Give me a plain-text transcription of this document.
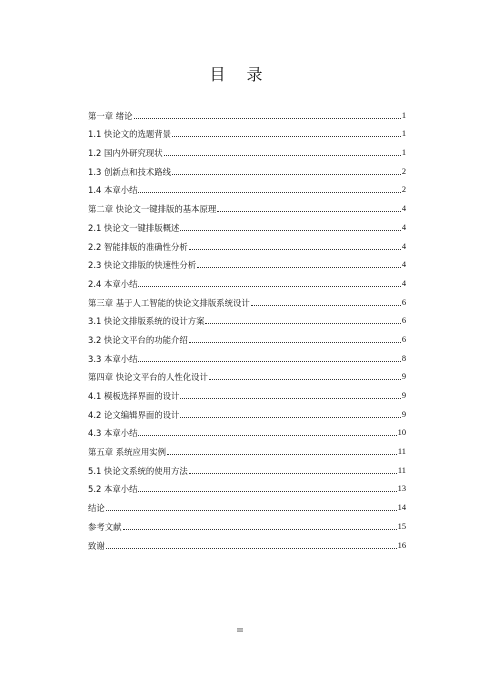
目 录
第一章 绪论	1
1.1 快论文的选题背景	1
1.2 国内外研究现状	1
1.3 创新点和技术路线	2
1.4 本章小结	2
第二章 快论文一键排版的基本原理	4
2.1 快论文一键排版概述	4
2.2 智能排版的准确性分析	4
2.3 快论文排版的快速性分析	4
2.4 本章小结	4
第三章 基于人工智能的快论文排版系统设计	6
3.1 快论文排版系统的设计方案	6
3.2 快论文平台的功能介绍	6
3.3 本章小结	8
第四章 快论文平台的人性化设计	9
4.1 模板选择界面的设计	9
4.2 论文编辑界面的设计	9
4.3 本章小结	10
第五章 系统应用实例	11
5.1 快论文系统的使用方法	11
5.2 本章小结	13
结论	14
参考文献	15
致谢	16
III
